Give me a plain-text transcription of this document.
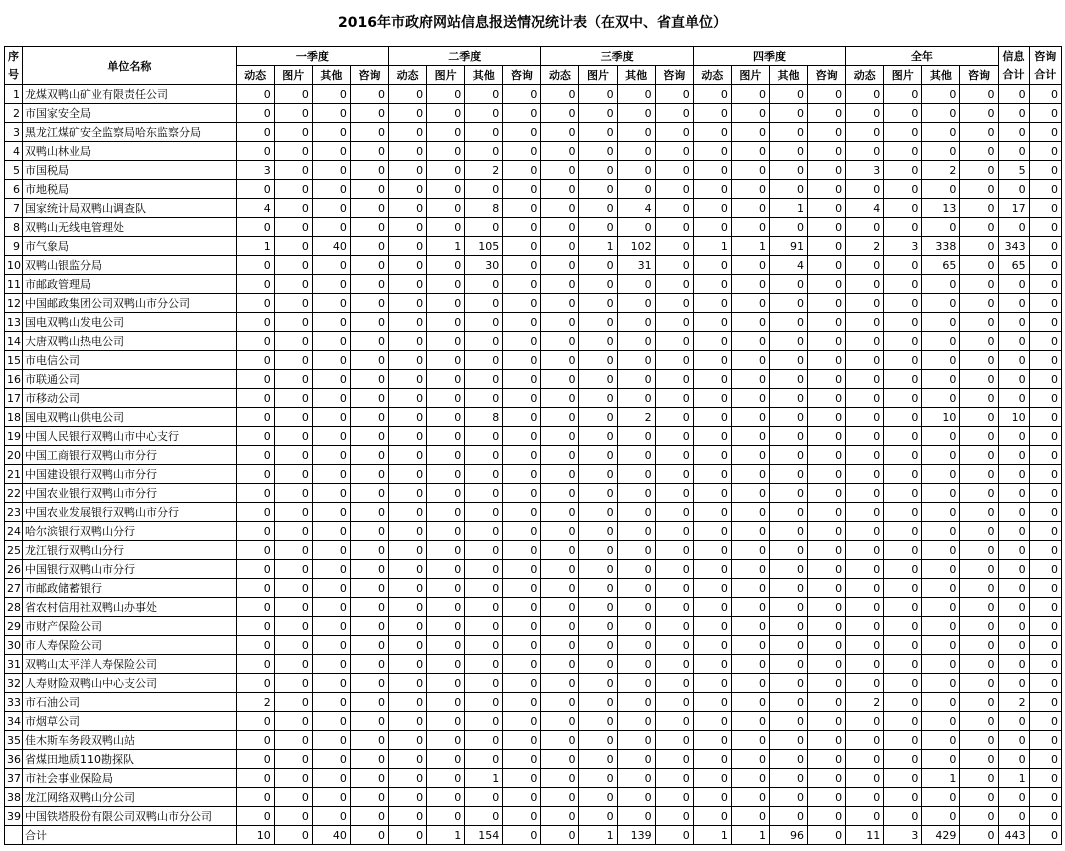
2016年市政府网站信息报送情况统计表（在双中、省直单位）
序号	单位名称	一季度				二季度				三季度				四季度				全年				信息合计	咨询合计
		动态	图片	其他	咨询	动态	图片	其他	咨询	动态	图片	其他	咨询	动态	图片	其他	咨询	动态	图片	其他	咨询		
1	龙煤双鸭山矿业有限责任公司	0	0	0	0	0	0	0	0	0	0	0	0	0	0	0	0	0	0	0	0	0	0
2	市国家安全局	0	0	0	0	0	0	0	0	0	0	0	0	0	0	0	0	0	0	0	0	0	0
3	黑龙江煤矿安全监察局哈东监察分局	0	0	0	0	0	0	0	0	0	0	0	0	0	0	0	0	0	0	0	0	0	0
4	双鸭山林业局	0	0	0	0	0	0	0	0	0	0	0	0	0	0	0	0	0	0	0	0	0	0
5	市国税局	3	0	0	0	0	0	2	0	0	0	0	0	0	0	0	0	3	0	2	0	5	0
6	市地税局	0	0	0	0	0	0	0	0	0	0	0	0	0	0	0	0	0	0	0	0	0	0
7	国家统计局双鸭山调查队	4	0	0	0	0	0	8	0	0	0	4	0	0	0	1	0	4	0	13	0	17	0
8	双鸭山无线电管理处	0	0	0	0	0	0	0	0	0	0	0	0	0	0	0	0	0	0	0	0	0	0
9	市气象局	1	0	40	0	0	1	105	0	0	1	102	0	1	1	91	0	2	3	338	0	343	0
10	双鸭山银监分局	0	0	0	0	0	0	30	0	0	0	31	0	0	0	4	0	0	0	65	0	65	0
11	市邮政管理局	0	0	0	0	0	0	0	0	0	0	0	0	0	0	0	0	0	0	0	0	0	0
12	中国邮政集团公司双鸭山市分公司	0	0	0	0	0	0	0	0	0	0	0	0	0	0	0	0	0	0	0	0	0	0
13	国电双鸭山发电公司	0	0	0	0	0	0	0	0	0	0	0	0	0	0	0	0	0	0	0	0	0	0
14	大唐双鸭山热电公司	0	0	0	0	0	0	0	0	0	0	0	0	0	0	0	0	0	0	0	0	0	0
15	市电信公司	0	0	0	0	0	0	0	0	0	0	0	0	0	0	0	0	0	0	0	0	0	0
16	市联通公司	0	0	0	0	0	0	0	0	0	0	0	0	0	0	0	0	0	0	0	0	0	0
17	市移动公司	0	0	0	0	0	0	0	0	0	0	0	0	0	0	0	0	0	0	0	0	0	0
18	国电双鸭山供电公司	0	0	0	0	0	0	8	0	0	0	2	0	0	0	0	0	0	0	10	0	10	0
19	中国人民银行双鸭山市中心支行	0	0	0	0	0	0	0	0	0	0	0	0	0	0	0	0	0	0	0	0	0	0
20	中国工商银行双鸭山市分行	0	0	0	0	0	0	0	0	0	0	0	0	0	0	0	0	0	0	0	0	0	0
21	中国建设银行双鸭山市分行	0	0	0	0	0	0	0	0	0	0	0	0	0	0	0	0	0	0	0	0	0	0
22	中国农业银行双鸭山市分行	0	0	0	0	0	0	0	0	0	0	0	0	0	0	0	0	0	0	0	0	0	0
23	中国农业发展银行双鸭山市分行	0	0	0	0	0	0	0	0	0	0	0	0	0	0	0	0	0	0	0	0	0	0
24	哈尔滨银行双鸭山分行	0	0	0	0	0	0	0	0	0	0	0	0	0	0	0	0	0	0	0	0	0	0
25	龙江银行双鸭山分行	0	0	0	0	0	0	0	0	0	0	0	0	0	0	0	0	0	0	0	0	0	0
26	中国银行双鸭山市分行	0	0	0	0	0	0	0	0	0	0	0	0	0	0	0	0	0	0	0	0	0	0
27	市邮政储蓄银行	0	0	0	0	0	0	0	0	0	0	0	0	0	0	0	0	0	0	0	0	0	0
28	省农村信用社双鸭山办事处	0	0	0	0	0	0	0	0	0	0	0	0	0	0	0	0	0	0	0	0	0	0
29	市财产保险公司	0	0	0	0	0	0	0	0	0	0	0	0	0	0	0	0	0	0	0	0	0	0
30	市人寿保险公司	0	0	0	0	0	0	0	0	0	0	0	0	0	0	0	0	0	0	0	0	0	0
31	双鸭山太平洋人寿保险公司	0	0	0	0	0	0	0	0	0	0	0	0	0	0	0	0	0	0	0	0	0	0
32	人寿财险双鸭山中心支公司	0	0	0	0	0	0	0	0	0	0	0	0	0	0	0	0	0	0	0	0	0	0
33	市石油公司	2	0	0	0	0	0	0	0	0	0	0	0	0	0	0	0	2	0	0	0	2	0
34	市烟草公司	0	0	0	0	0	0	0	0	0	0	0	0	0	0	0	0	0	0	0	0	0	0
35	佳木斯车务段双鸭山站	0	0	0	0	0	0	0	0	0	0	0	0	0	0	0	0	0	0	0	0	0	0
36	省煤田地质110勘探队	0	0	0	0	0	0	0	0	0	0	0	0	0	0	0	0	0	0	0	0	0	0
37	市社会事业保险局	0	0	0	0	0	0	1	0	0	0	0	0	0	0	0	0	0	0	1	0	1	0
38	龙江网络双鸭山分公司	0	0	0	0	0	0	0	0	0	0	0	0	0	0	0	0	0	0	0	0	0	0
39	中国铁塔股份有限公司双鸭山市分公司	0	0	0	0	0	0	0	0	0	0	0	0	0	0	0	0	0	0	0	0	0	0
	合计	10	0	40	0	0	1	154	0	0	1	139	0	1	1	96	0	11	3	429	0	443	0
